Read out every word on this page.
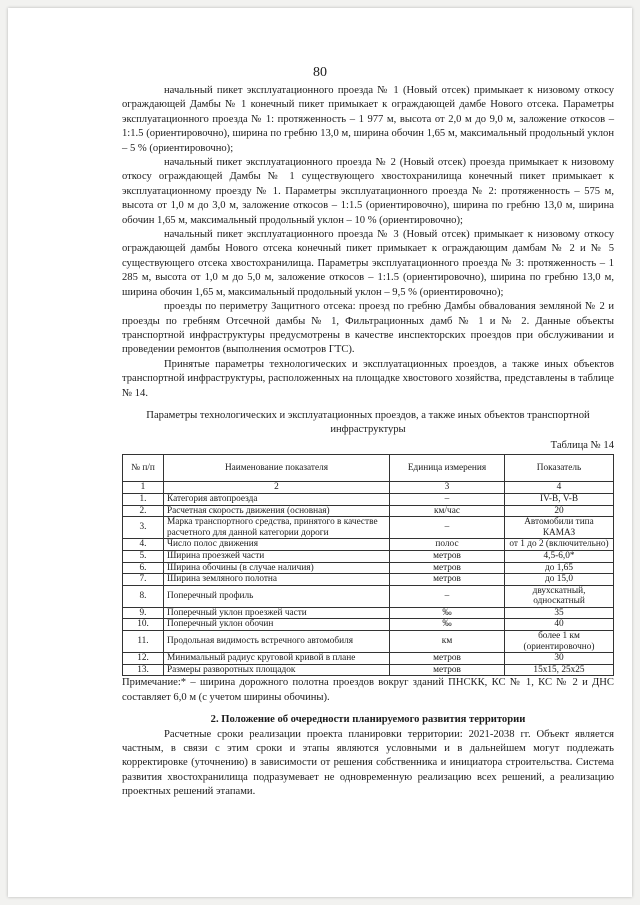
80

начальный пикет эксплуатационного проезда № 1 (Новый отсек) примыкает к низовому откосу ограждающей Дамбы № 1 конечный пикет примыкает к ограждающей дамбе Нового отсека. Параметры эксплуатационного проезда № 1: протяженность – 1 977 м, высота от 2,0 м до 9,0 м, заложение откосов – 1:1.5 (ориентировочно), ширина по гребню 13,0 м, ширина обочин 1,65 м, максимальный продольный уклон – 5 % (ориентировочно);

начальный пикет эксплуатационного проезда № 2 (Новый отсек) проезда примыкает к низовому откосу ограждающей Дамбы № 1 существующего хвостохранилища конечный пикет примыкает к эксплуатационному проезду № 1. Параметры эксплуатационного проезда № 2: протяженность – 575 м, высота от 1,0 м до 3,0 м, заложение откосов – 1:1.5 (ориентировочно), ширина по гребню 13,0 м, ширина обочин 1,65 м, максимальный продольный уклон – 10 % (ориентировочно);

начальный пикет эксплуатационного проезда № 3 (Новый отсек) примыкает к низовому откосу ограждающей дамбы Нового отсека конечный пикет примыкает к ограждающим дамбам № 2 и № 5 существующего отсека хвостохранилища. Параметры эксплуатационного проезда № 3: протяженность – 1 285 м, высота от 1,0 м до 5,0 м, заложение откосов – 1:1.5 (ориентировочно), ширина по гребню 13,0 м, ширина обочин 1,65 м, максимальный продольный уклон – 9,5 % (ориентировочно);

проезды по периметру Защитного отсека: проезд по гребню Дамбы обвалования земляной № 2 и проезды по гребням Отсечной дамбы № 1, Фильтрационных дамб № 1 и № 2. Данные объекты транспортной инфраструктуры предусмотрены в качестве инспекторских проездов при обслуживании и проведении ремонтов (выполнения осмотров ГТС).

Принятые параметры технологических и эксплуатационных проездов, а также иных объектов транспортной инфраструктуры, расположенных на площадке хвостового хозяйства, представлены в таблице № 14.

Параметры технологических и эксплуатационных проездов, а также иных объектов транспортной инфраструктуры
Таблица № 14
№ п/п	Наименование показателя	Единица измерения	Показатель
1	2	3	4
1.	Категория автопроезда	–	IV-В, V-В
2.	Расчетная скорость движения (основная)	км/час	20
3.	Марка транспортного средства, принятого в качестве расчетного для данной категории дороги	–	Автомобили типа КАМАЗ
4.	Число полос движения	полос	от 1 до 2 (включительно)
5.	Ширина проезжей части	метров	4,5-6,0*
6.	Ширина обочины (в случае наличия)	метров	до 1,65
7.	Ширина земляного полотна	метров	до 15,0
8.	Поперечный профиль	–	двухскатный, односкатный
9.	Поперечный уклон проезжей части	‰	35
10.	Поперечный уклон обочин	‰	40
11.	Продольная видимость встречного автомобиля	км	более 1 км (ориентировочно)
12.	Минимальный радиус круговой кривой в плане	метров	30
13.	Размеры разворотных площадок	метров	15х15, 25х25

Примечание:* – ширина дорожного полотна проездов вокруг зданий ПНСКК, КС № 1, КС № 2 и ДНС составляет 6,0 м (с учетом ширины обочины).

2. Положение об очередности планируемого развития территории

Расчетные сроки реализации проекта планировки территории: 2021-2038 гг. Объект является частным, в связи с этим сроки и этапы являются условными и в дальнейшем могут подлежать корректировке (уточнению) в зависимости от решения собственника и инициатора строительства. Система развития хвостохранилища подразумевает не одновременную реализацию всех решений, а реализацию проектных решений этапами.
